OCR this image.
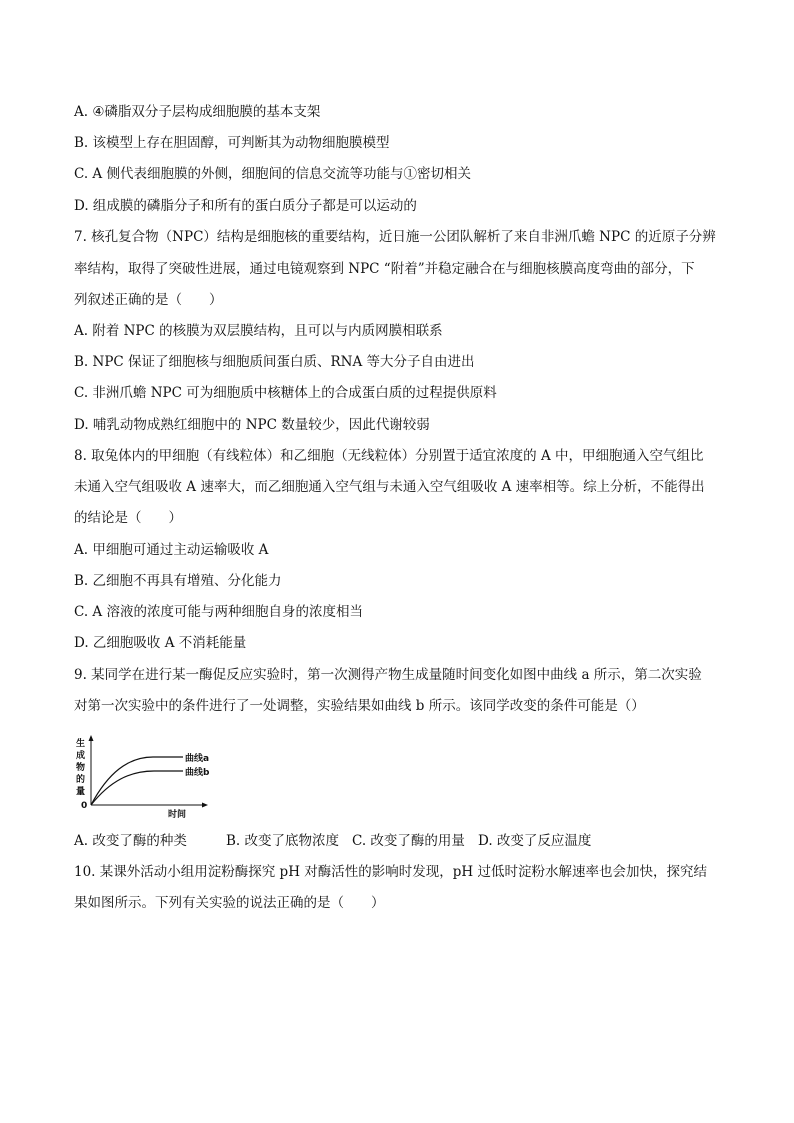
A. ④磷脂双分子层构成细胞膜的基本支架
B. 该模型上存在胆固醇，可判断其为动物细胞膜模型
C. A 侧代表细胞膜的外侧，细胞间的信息交流等功能与①密切相关
D. 组成膜的磷脂分子和所有的蛋白质分子都是可以运动的
7. 核孔复合物（NPC）结构是细胞核的重要结构，近日施一公团队解析了来自非洲爪蟾 NPC 的近原子分辨
率结构，取得了突破性进展，通过电镜观察到 NPC “附着”并稳定融合在与细胞核膜高度弯曲的部分，下
列叙述正确的是（　　）
A. 附着 NPC 的核膜为双层膜结构，且可以与内质网膜相联系
B. NPC 保证了细胞核与细胞质间蛋白质、RNA 等大分子自由进出
C. 非洲爪蟾 NPC 可为细胞质中核糖体上的合成蛋白质的过程提供原料
D. 哺乳动物成熟红细胞中的 NPC 数量较少，因此代谢较弱
8. 取兔体内的甲细胞（有线粒体）和乙细胞（无线粒体）分别置于适宜浓度的 A 中，甲细胞通入空气组比
未通入空气组吸收 A 速率大，而乙细胞通入空气组与未通入空气组吸收 A 速率相等。综上分析，不能得出
的结论是（　　）
A. 甲细胞可通过主动运输吸收 A
B. 乙细胞不再具有增殖、分化能力
C. A 溶液的浓度可能与两种细胞自身的浓度相当
D. 乙细胞吸收 A 不消耗能量
9. 某同学在进行某一酶促反应实验时，第一次测得产物生成量随时间变化如图中曲线 a 所示，第二次实验
对第一次实验中的条件进行了一处调整，实验结果如曲线 b 所示。该同学改变的条件可能是（）
生
成
物
的
量
0
时间
曲线a
曲线b
A. 改变了酶的种类	B. 改变了底物浓度 C. 改变了酶的用量 D. 改变了反应温度
10. 某课外活动小组用淀粉酶探究 pH 对酶活性的影响时发现，pH 过低时淀粉水解速率也会加快，探究结
果如图所示。下列有关实验的说法正确的是（　　）
